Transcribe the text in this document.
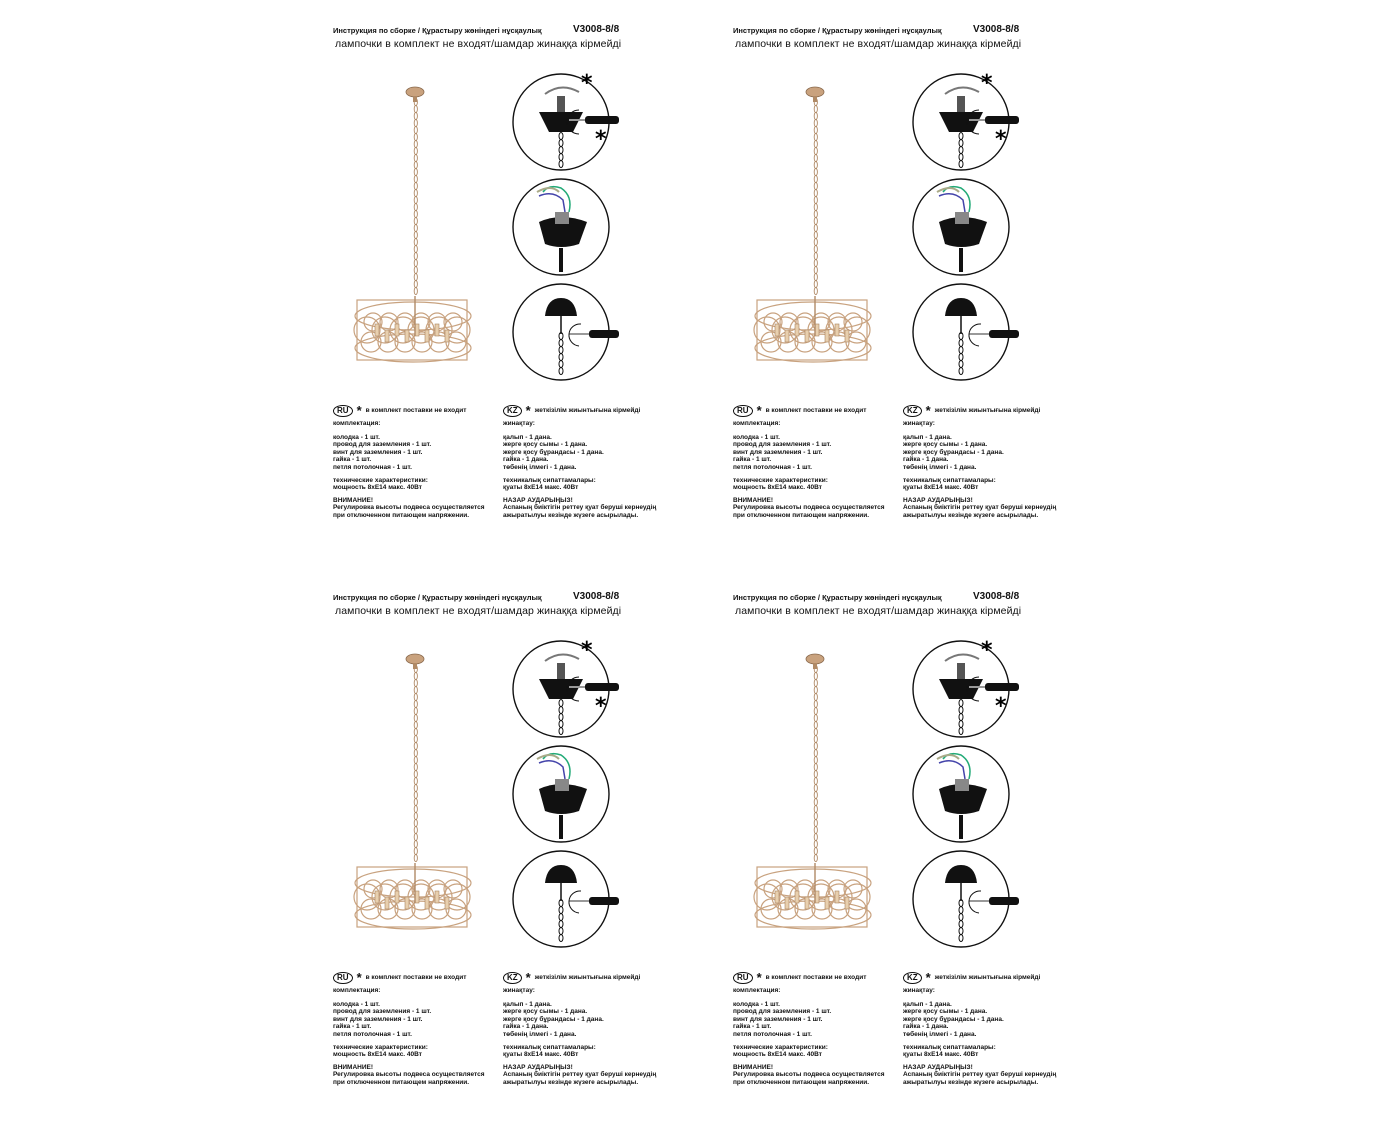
Инструкция по сборке / Құрастыру жөніндегі нұсқаулық	V3008-8/8
лампочки в комплект не входят/шамдар жинаққа кірмейді
*
*
RU * в комплект поставки не входит
комплектация:
колодка - 1 шт.
провод для заземления - 1 шт.
винт для заземления - 1 шт.
гайка - 1 шт.
петля потолочная - 1 шт.
технические характеристики:
мощность 8хЕ14 макс. 40Вт
ВНИМАНИЕ!
Регулировка высоты подвеса осуществляется
при отключенном питающем напряжении.
KZ * жеткізілім жиынтығына кірмейді
жинақтау:
қалып - 1 дана.
жерге қосу сымы - 1 дана.
жерге қосу бұрандасы - 1 дана.
гайка - 1 дана.
төбенің ілмегі - 1 дана.
техникалық сипаттамалары:
қуаты 8хЕ14 макс. 40Вт
НАЗАР АУДАРЫҢЫЗ!
Аспаның биіктігін реттеу қуат беруші кернеудің
ажыратылуы кезінде жүзеге асырылады.
Инструкция по сборке / Құрастыру жөніндегі нұсқаулық	V3008-8/8
лампочки в комплект не входят/шамдар жинаққа кірмейді
*
*
RU * в комплект поставки не входит
комплектация:
колодка - 1 шт.
провод для заземления - 1 шт.
винт для заземления - 1 шт.
гайка - 1 шт.
петля потолочная - 1 шт.
технические характеристики:
мощность 8хЕ14 макс. 40Вт
ВНИМАНИЕ!
Регулировка высоты подвеса осуществляется
при отключенном питающем напряжении.
KZ * жеткізілім жиынтығына кірмейді
жинақтау:
қалып - 1 дана.
жерге қосу сымы - 1 дана.
жерге қосу бұрандасы - 1 дана.
гайка - 1 дана.
төбенің ілмегі - 1 дана.
техникалық сипаттамалары:
қуаты 8хЕ14 макс. 40Вт
НАЗАР АУДАРЫҢЫЗ!
Аспаның биіктігін реттеу қуат беруші кернеудің
ажыратылуы кезінде жүзеге асырылады.
Инструкция по сборке / Құрастыру жөніндегі нұсқаулық	V3008-8/8
лампочки в комплект не входят/шамдар жинаққа кірмейді
*
*
RU * в комплект поставки не входит
комплектация:
колодка - 1 шт.
провод для заземления - 1 шт.
винт для заземления - 1 шт.
гайка - 1 шт.
петля потолочная - 1 шт.
технические характеристики:
мощность 8хЕ14 макс. 40Вт
ВНИМАНИЕ!
Регулировка высоты подвеса осуществляется
при отключенном питающем напряжении.
KZ * жеткізілім жиынтығына кірмейді
жинақтау:
қалып - 1 дана.
жерге қосу сымы - 1 дана.
жерге қосу бұрандасы - 1 дана.
гайка - 1 дана.
төбенің ілмегі - 1 дана.
техникалық сипаттамалары:
қуаты 8хЕ14 макс. 40Вт
НАЗАР АУДАРЫҢЫЗ!
Аспаның биіктігін реттеу қуат беруші кернеудің
ажыратылуы кезінде жүзеге асырылады.
Инструкция по сборке / Құрастыру жөніндегі нұсқаулық	V3008-8/8
лампочки в комплект не входят/шамдар жинаққа кірмейді
*
*
RU * в комплект поставки не входит
комплектация:
колодка - 1 шт.
провод для заземления - 1 шт.
винт для заземления - 1 шт.
гайка - 1 шт.
петля потолочная - 1 шт.
технические характеристики:
мощность 8хЕ14 макс. 40Вт
ВНИМАНИЕ!
Регулировка высоты подвеса осуществляется
при отключенном питающем напряжении.
KZ * жеткізілім жиынтығына кірмейді
жинақтау:
қалып - 1 дана.
жерге қосу сымы - 1 дана.
жерге қосу бұрандасы - 1 дана.
гайка - 1 дана.
төбенің ілмегі - 1 дана.
техникалық сипаттамалары:
қуаты 8хЕ14 макс. 40Вт
НАЗАР АУДАРЫҢЫЗ!
Аспаның биіктігін реттеу қуат беруші кернеудің
ажыратылуы кезінде жүзеге асырылады.
